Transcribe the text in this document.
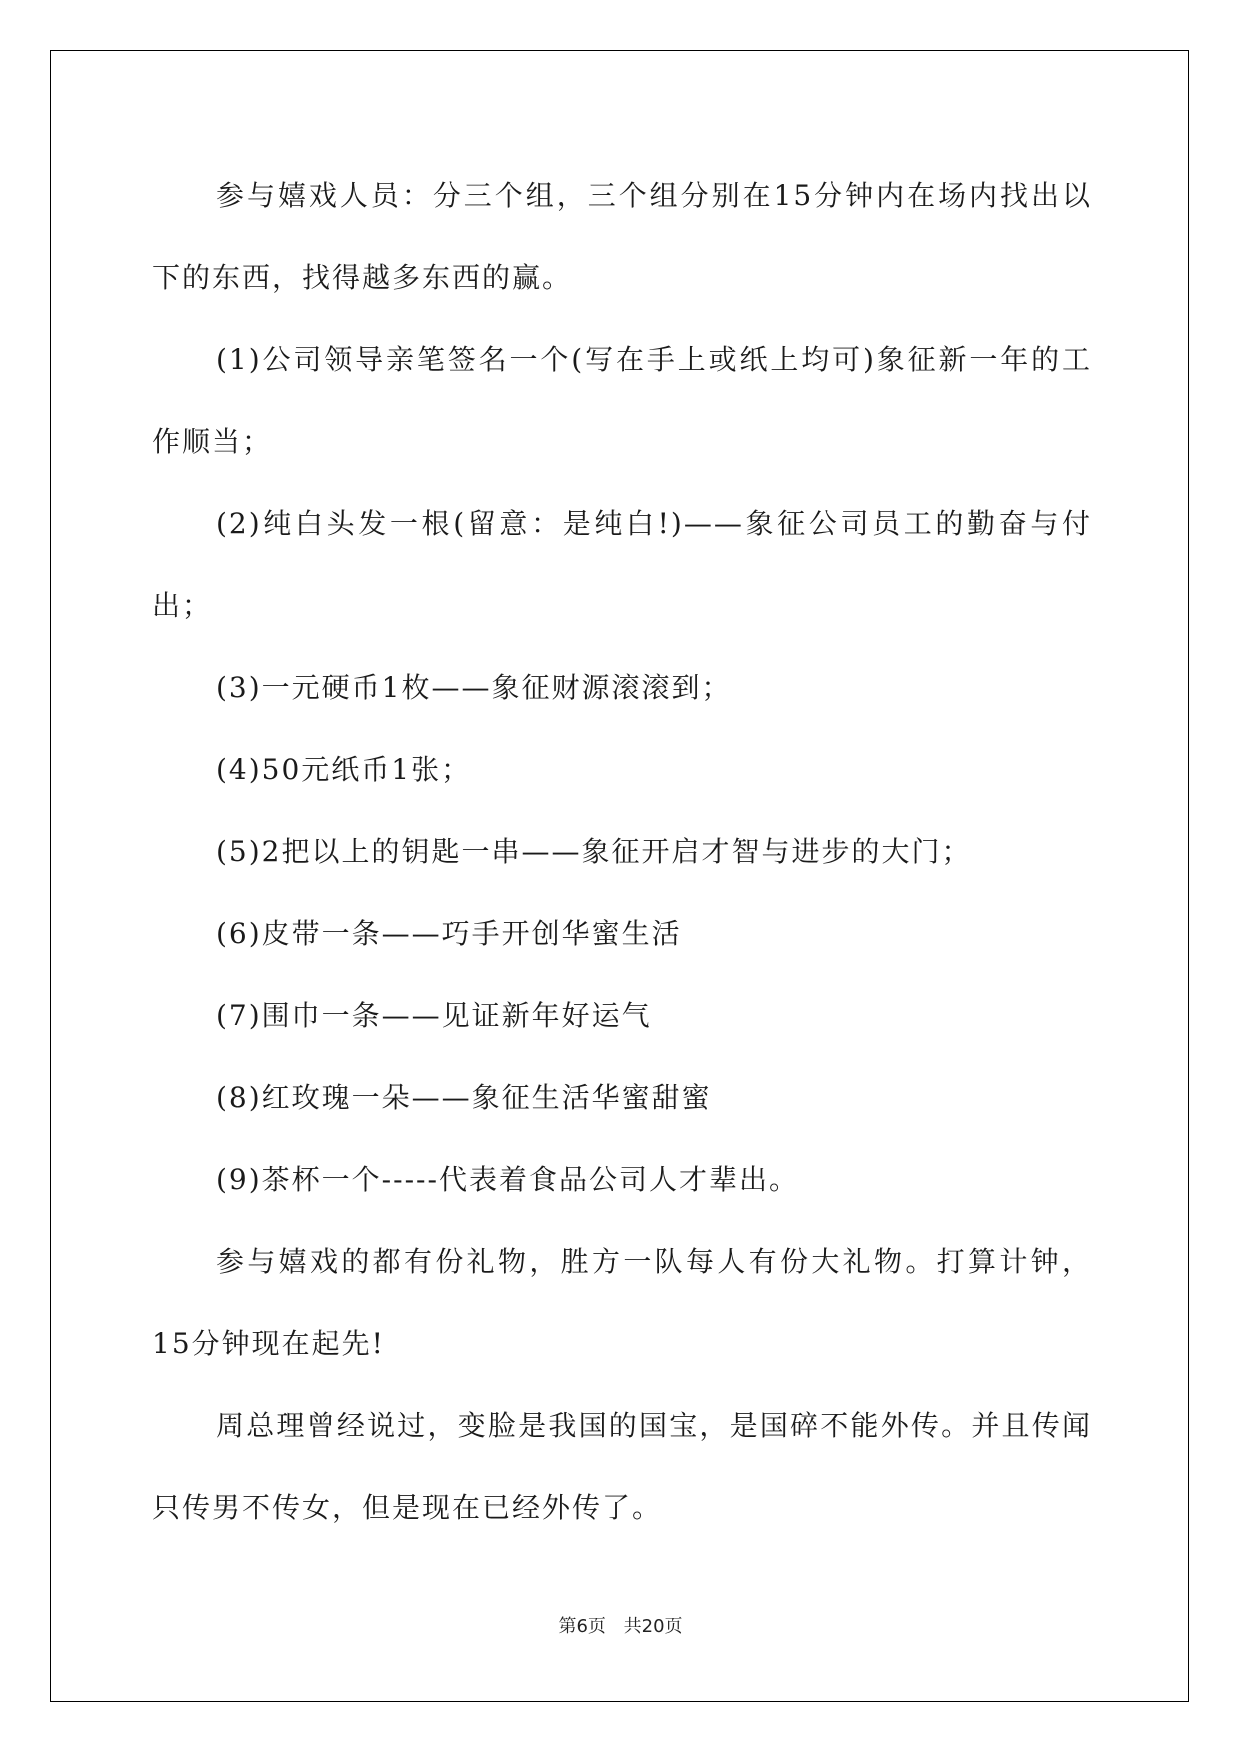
参与嬉戏人员：分三个组，三个组分别在15分钟内在场内找出以下的东西，找得越多东西的赢。

(1)公司领导亲笔签名一个(写在手上或纸上均可)象征新一年的工作顺当；

(2)纯白头发一根(留意：是纯白!)——象征公司员工的勤奋与付出；

(3)一元硬币1枚——象征财源滚滚到；

(4)50元纸币1张；

(5)2把以上的钥匙一串——象征开启才智与进步的大门；

(6)皮带一条——巧手开创华蜜生活

(7)围巾一条——见证新年好运气

(8)红玫瑰一朵——象征生活华蜜甜蜜

(9)茶杯一个-----代表着食品公司人才辈出。

参与嬉戏的都有份礼物，胜方一队每人有份大礼物。打算计钟，15分钟现在起先!

周总理曾经说过，变脸是我国的国宝，是国碎不能外传。并且传闻只传男不传女，但是现在已经外传了。

第6页 共20页
